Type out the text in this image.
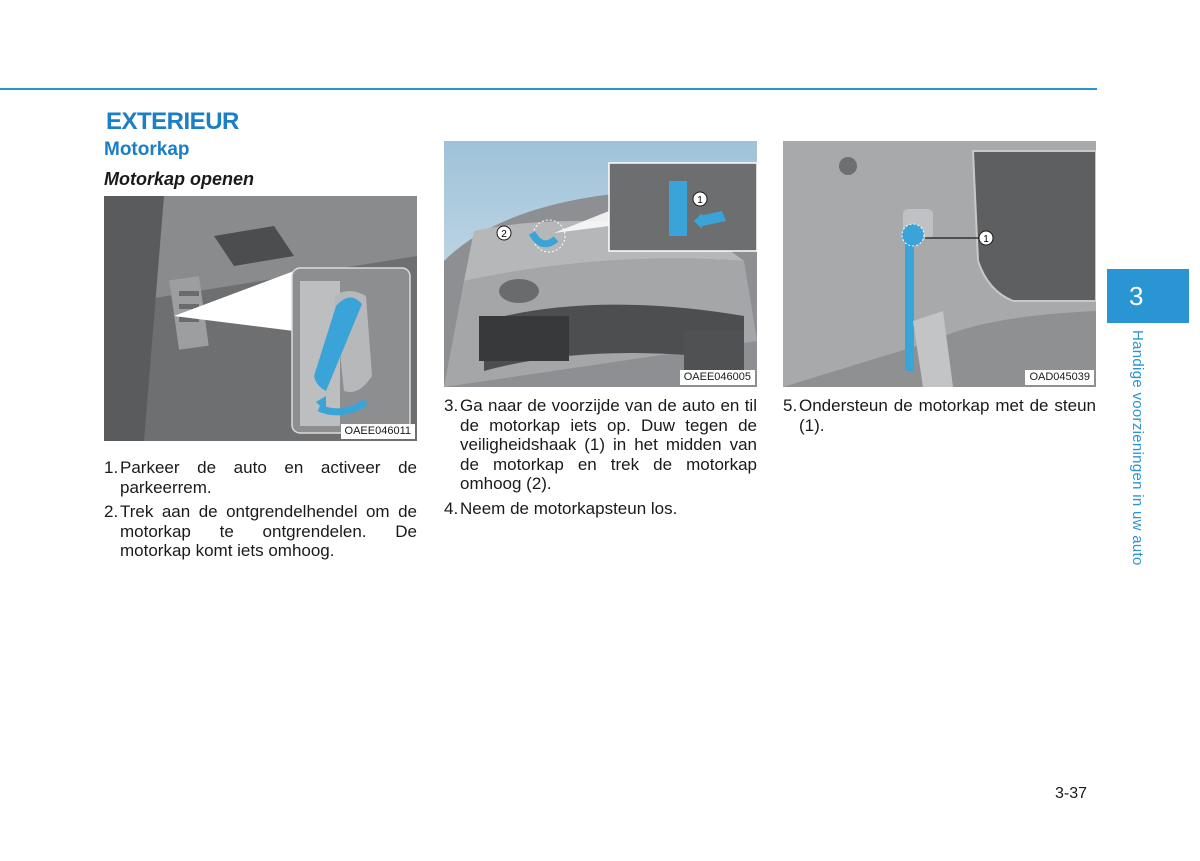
EXTERIEUR
Motorkap
Motorkap openen
OAEE046011
1
2
OAEE046005
1
OAD045039
1. Parkeer de auto en activeer de parkeerrem.
2. Trek aan de ontgrendelhendel om de motorkap te ontgrendelen. De motorkap komt iets omhoog.
3. Ga naar de voorzijde van de auto en til de motorkap iets op. Duw tegen de veiligheidshaak (1) in het midden van de motorkap en trek de motorkap omhoog (2).
4. Neem de motorkapsteun los.
5. Ondersteun de motorkap met de steun (1).
3
Handige voorzieningen in uw auto
3-37
